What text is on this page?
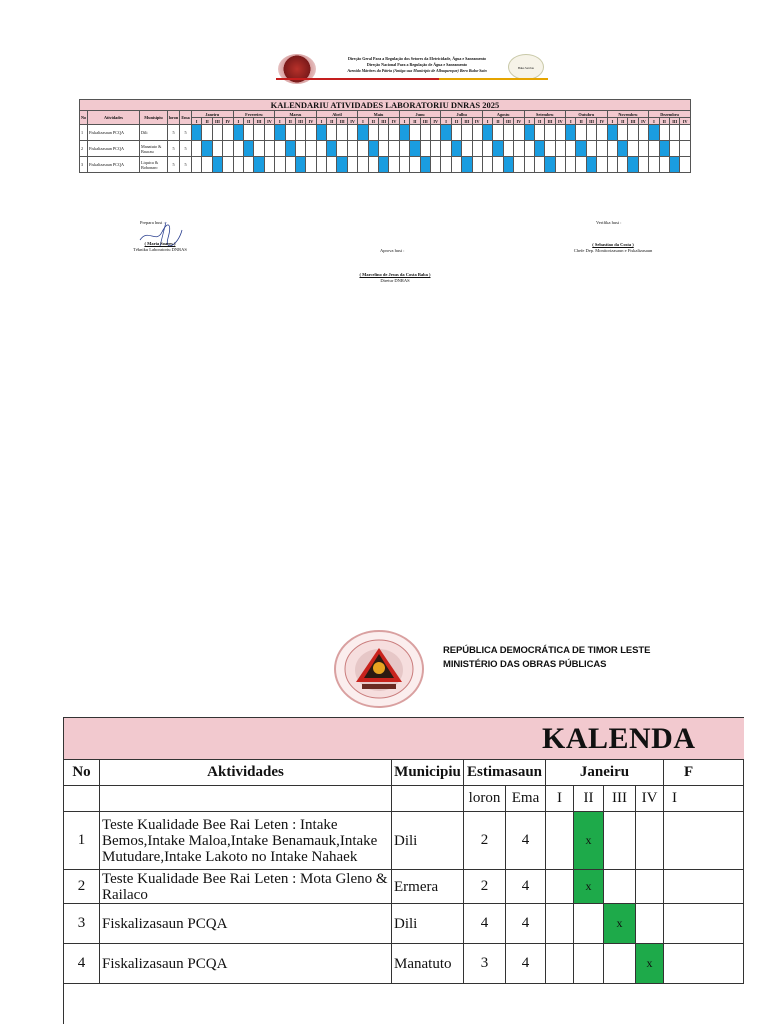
Direção Geral Para a Regulação dos Setores da Eletricidade, Água e Saneamento
Direção Nacional Para a Regulação de Água e Saneamento
Avenida Mártires da Pátria (Antiga sua Município de Albuquerque) Bero Buba-Sain	Buka Servisu
KALENDARIU ATIVIDADES LABORATORIU DNRAS 2025																																																				
No	Atividades	Munisipiu	loron	Ema	Janeiru				Fevereiru				Marsu				Abril				Maiu				Junu				Julhu				Agostu				Setembru				Outubru				Novembru				Dezembru			
					I	II	III	IV	I	II	III	IV	I	II	III	IV	I	II	III	IV	I	II	III	IV	I	II	III	IV	I	II	III	IV	I	II	III	IV	I	II	III	IV	I	II	III	IV	I	II	III	IV	I	II	III	IV
1	Fiskalizasaun PCQA	Dili	5	5																																																
2	Fiskalizasaun PCQA	Manatuto & Baucau	5	5																																																
3	Fiskalizasaun PCQA	Liquica & Bobonaro	5	5																																																
Prepara husi :
( Maria Soares )
Tékniku Laboratoriu DNRAS
Verifika husi :
( Sebastiao da Costa )
Chefe Dep. Monitorizasaun e Fiskalizasaun
Aprova husi :
( Marcelino de Jesus da Costa Baba )
Diretur DNRAS
REPÚBLICA DEMOCRÁTICA DE TIMOR LESTE
MINISTÉRIO DAS OBRAS PÚBLICAS
KALENDA									
No	Aktividades	Municipiu	Estimasaun		Janeiru				F
			loron	Ema	I	II	III	IV	I
1	Teste Kualidade Bee Rai Leten : Intake Bemos,Intake Maloa,Intake Benamauk,Intake Mutudare,Intake Lakoto no Intake Nahaek	Dili	2	4		x			
2	Teste Kualidade Bee Rai Leten : Mota Gleno & Railaco	Ermera	2	4		x			
3	Fiskalizasaun PCQA	Dili	4	4			x		
4	Fiskalizasaun PCQA	Manatuto	3	4				x	
